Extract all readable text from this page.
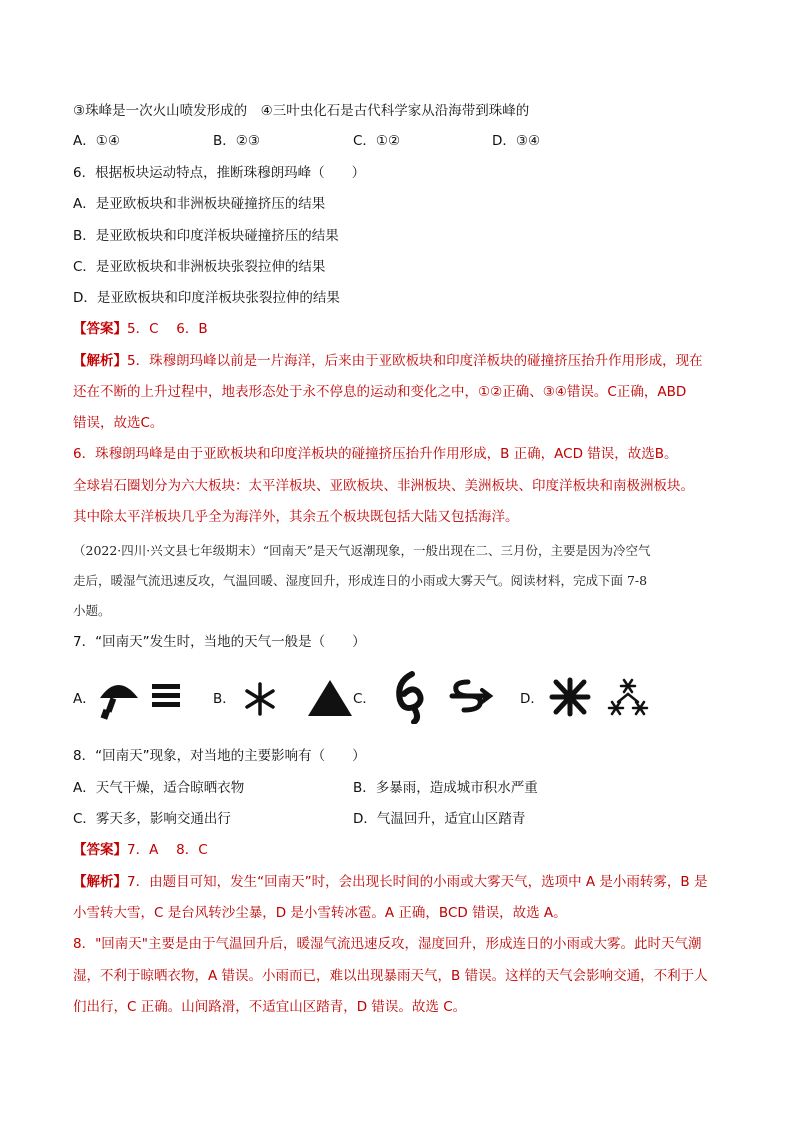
③珠峰是一次火山喷发形成的　④三叶虫化石是古代科学家从沿海带到珠峰的
A．①④	B．②③	C．①②	D．③④
6．根据板块运动特点，推断珠穆朗玛峰（　　）
A．是亚欧板块和非洲板块碰撞挤压的结果
B．是亚欧板块和印度洋板块碰撞挤压的结果
C．是亚欧板块和非洲板块张裂拉伸的结果
D．是亚欧板块和印度洋板块张裂拉伸的结果
【答案】5．C　 6．B
【解析】5．珠穆朗玛峰以前是一片海洋，后来由于亚欧板块和印度洋板块的碰撞挤压抬升作用形成，现在
还在不断的上升过程中，地表形态处于永不停息的运动和变化之中，①②正确、③④错误。C正确，ABD
错误，故选C。
6．珠穆朗玛峰是由于亚欧板块和印度洋板块的碰撞挤压抬升作用形成，B 正确，ACD 错误，故选B。
全球岩石圈划分为六大板块：太平洋板块、亚欧板块、非洲板块、美洲板块、印度洋板块和南极洲板块。
其中除太平洋板块几乎全为海洋外，其余五个板块既包括大陆又包括海洋。
（2022·四川·兴文县七年级期末）“回南天”是天气返潮现象，一般出现在二、三月份，主要是因为冷空气
走后，暖湿气流迅速反攻，气温回暖、湿度回升，形成连日的小雨或大雾天气。阅读材料，完成下面 7-8
小题。
7．“回南天”发生时，当地的天气一般是（　　）
A．	B．	C．	D．
8．“回南天”现象，对当地的主要影响有（　　）
A．天气干燥，适合晾晒衣物	B．多暴雨，造成城市积水严重
C．雾天多，影响交通出行	D．气温回升，适宜山区踏青
【答案】7．A　 8．C
【解析】7．由题目可知，发生“回南天”时，会出现长时间的小雨或大雾天气，选项中 A 是小雨转雾，B 是
小雪转大雪，C 是台风转沙尘暴，D 是小雪转冰雹。A 正确，BCD 错误，故选 A。
8．"回南天"主要是由于气温回升后，暖湿气流迅速反攻，湿度回升，形成连日的小雨或大雾。此时天气潮
湿，不利于晾晒衣物，A 错误。小雨而已，难以出现暴雨天气，B 错误。这样的天气会影响交通，不利于人
们出行，C 正确。山间路滑，不适宜山区踏青，D 错误。故选 C。
